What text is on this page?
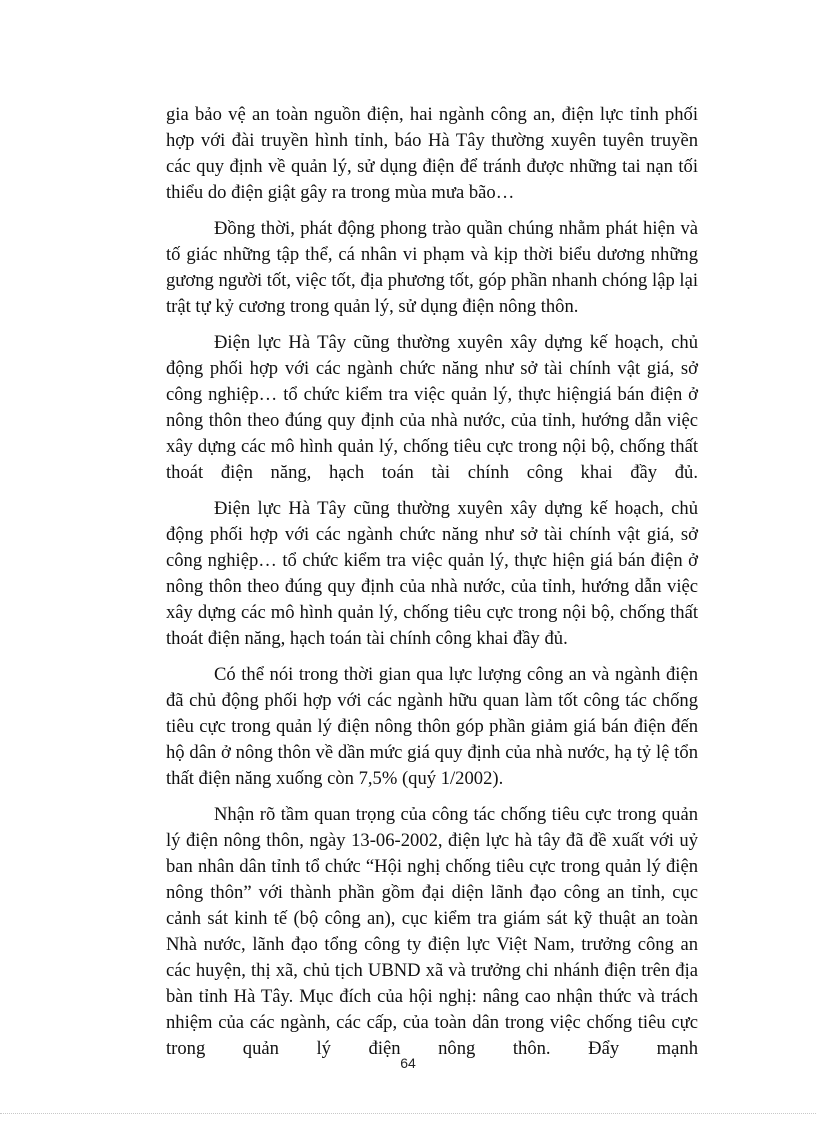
gia bảo vệ an toàn nguồn điện, hai ngành công an, điện lực tỉnh phối hợp với đài truyền hình tỉnh, báo Hà Tây thường xuyên tuyên truyền các quy định về quản lý, sử dụng điện để tránh được những tai nạn tối thiểu do điện giật gây ra trong mùa mưa bão…

Đồng thời, phát động phong trào quần chúng nhằm phát hiện và tố giác những tập thể, cá nhân vi phạm và kịp thời biểu dương những gương người tốt, việc tốt, địa phương tốt, góp phần nhanh chóng lập lại trật tự kỷ cương trong quản lý, sử dụng điện nông thôn.

Điện lực Hà Tây cũng thường xuyên xây dựng kế hoạch, chủ động phối hợp với các ngành chức năng như sở tài chính vật giá, sở công nghiệp… tổ chức kiểm tra việc quản lý, thực hiệngiá bán điện ở nông thôn theo đúng quy định của nhà nước, của tỉnh, hướng dẫn việc xây dựng các mô hình quản lý, chống tiêu cực trong nội bộ, chống thất thoát điện năng, hạch toán tài chính công khai đầy đủ.

Điện lực Hà Tây cũng thường xuyên xây dựng kế hoạch, chủ động phối hợp với các ngành chức năng như sở tài chính vật giá, sở công nghiệp… tổ chức kiểm tra việc quản lý, thực hiện giá bán điện ở nông thôn theo đúng quy định của nhà nước, của tỉnh, hướng dẫn việc xây dựng các mô hình quản lý, chống tiêu cực trong nội bộ, chống thất thoát điện năng, hạch toán tài chính công khai đầy đủ.

Có thể nói trong thời gian qua lực lượng công an và ngành điện đã chủ động phối hợp với các ngành hữu quan làm tốt công tác chống tiêu cực trong quản lý điện nông thôn góp phần giảm giá bán điện đến hộ dân ở nông thôn về dần mức giá quy định của nhà nước, hạ tỷ lệ tổn thất điện năng xuống còn 7,5% (quý 1/2002).

Nhận rõ tầm quan trọng của công tác chống tiêu cực trong quản lý điện nông thôn, ngày 13-06-2002, điện lực hà tây đã đề xuất với uỷ ban nhân dân tỉnh tổ chức “Hội nghị chống tiêu cực trong quản lý điện nông thôn” với thành phần gồm đại diện lãnh đạo công an tỉnh, cục cảnh sát kinh tế (bộ công an), cục kiểm tra giám sát kỹ thuật an toàn Nhà nước, lãnh đạo tổng công ty điện lực Việt Nam, trưởng công an các huyện, thị xã, chủ tịch UBND xã và trưởng chi nhánh điện trên địa bàn tỉnh Hà Tây. Mục đích của hội nghị: nâng cao nhận thức và trách nhiệm của các ngành, các cấp, của toàn dân trong việc chống tiêu cực trong quản lý điện nông thôn. Đẩy mạnh

64
